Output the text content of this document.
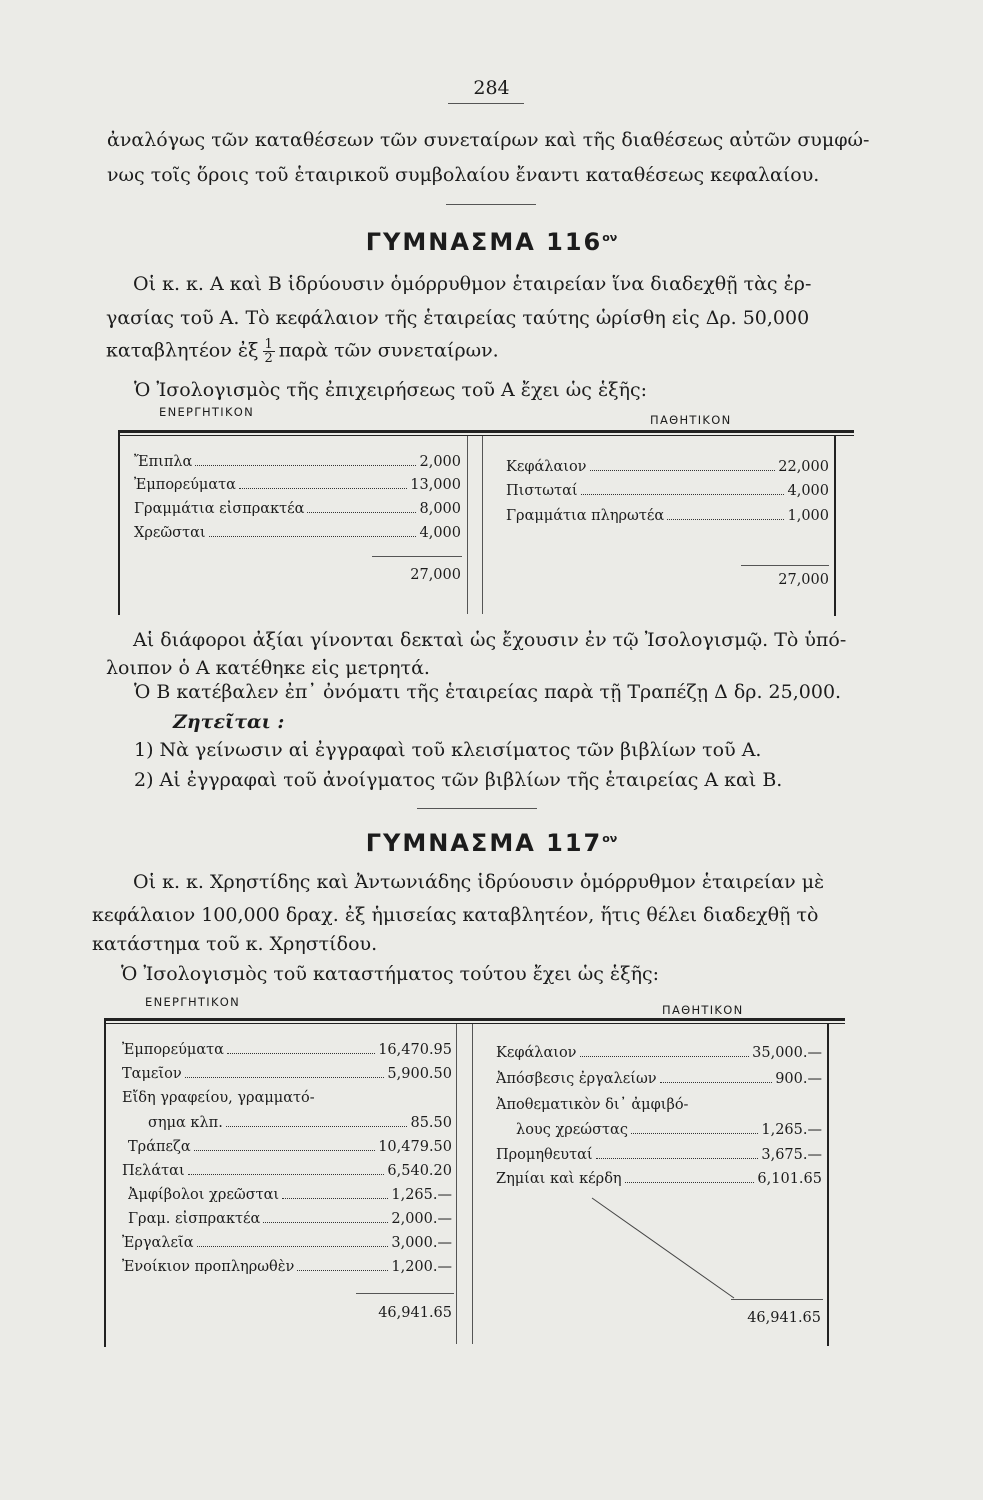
284
ἀναλόγως τῶν καταθέσεων τῶν συνεταίρων καὶ τῆς διαθέσεως αὐτῶν συμφώ-
νως τοῖς ὅροις τοῦ ἑταιρικοῦ συμβολαίου ἔναντι καταθέσεως κεφαλαίου.
ΓΥΜΝΑΣΜΑ $116^{o\nu}$
Οἱ κ. κ. Α καὶ Β ἱδρύουσιν ὁμόρρυθμον ἑταιρείαν ἵνα διαδεχθῇ τὰς ἐρ-
γασίας τοῦ Α. Τὸ κεφάλαιον τῆς ἑταιρείας ταύτης ὡρίσθη εἰς Δρ. 50,000
καταβλητέον ἐξ $\frac{1}{2}$ παρὰ τῶν συνεταίρων.
Ὁ Ἰσολογισμὸς τῆς ἐπιχειρήσεως τοῦ Α ἔχει ὡς ἑξῆς:
ΕΝΕΡΓΗΤΙΚΟΝ
ΠΑΘΗΤΙΚΟΝ
Ἔπιπλα	2,000
Ἐμπορεύματα	13,000
Γραμμάτια εἰσπρακτέα	8,000
Χρεῶσται	4,000
27,000
Κεφάλαιον	22,000
Πιστωταί	4,000
Γραμμάτια πληρωτέα	1,000
27,000
Αἱ διάφοροι ἀξίαι γίνονται δεκταὶ ὡς ἔχουσιν ἐν τῷ Ἰσολογισμῷ. Τὸ ὑπό-
λοιπον ὁ Α κατέθηκε εἰς μετρητά.
Ὁ Β κατέβαλεν ἐπ᾽ ὀνόματι τῆς ἑταιρείας παρὰ τῇ Τραπέζῃ Δ δρ. 25,000.
Ζητεῖται :
1) Νὰ γείνωσιν αἱ ἐγγραφαὶ τοῦ κλεισίματος τῶν βιβλίων τοῦ Α.
2) Αἱ ἐγγραφαὶ τοῦ ἀνοίγματος τῶν βιβλίων τῆς ἑταιρείας Α καὶ Β.
ΓΥΜΝΑΣΜΑ $117^{o\nu}$
Οἱ κ. κ. Χρηστίδης καὶ Ἀντωνιάδης ἱδρύουσιν ὁμόρρυθμον ἑταιρείαν μὲ
κεφάλαιον 100,000 δραχ. ἐξ ἡμισείας καταβλητέον, ἥτις θέλει διαδεχθῇ τὸ
κατάστημα τοῦ κ. Χρηστίδου.
Ὁ Ἰσολογισμὸς τοῦ καταστήματος τούτου ἔχει ὡς ἑξῆς:
ΕΝΕΡΓΗΤΙΚΟΝ
ΠΑΘΗΤΙΚΟΝ
Ἐμπορεύματα	16,470.95
Ταμεῖον	5,900.50
Εἴδη γραφείου, γραμματό-
σημα κλπ.	85.50
Τράπεζα	10,479.50
Πελάται	6,540.20
Ἀμφίβολοι χρεῶσται	1,265.—
Γραμ. εἰσπρακτέα	2,000.—
Ἐργαλεῖα	3,000.—
Ἐνοίκιον προπληρωθὲν	1,200.—
46,941.65
Κεφάλαιον	35,000.—
Ἀπόσβεσις ἐργαλείων	900.—
Ἀποθεματικὸν δι᾽ ἀμφιβό-
λους χρεώστας	1,265.—
Προμηθευταί	3,675.—
Ζημίαι καὶ κέρδη	6,101.65
46,941.65
